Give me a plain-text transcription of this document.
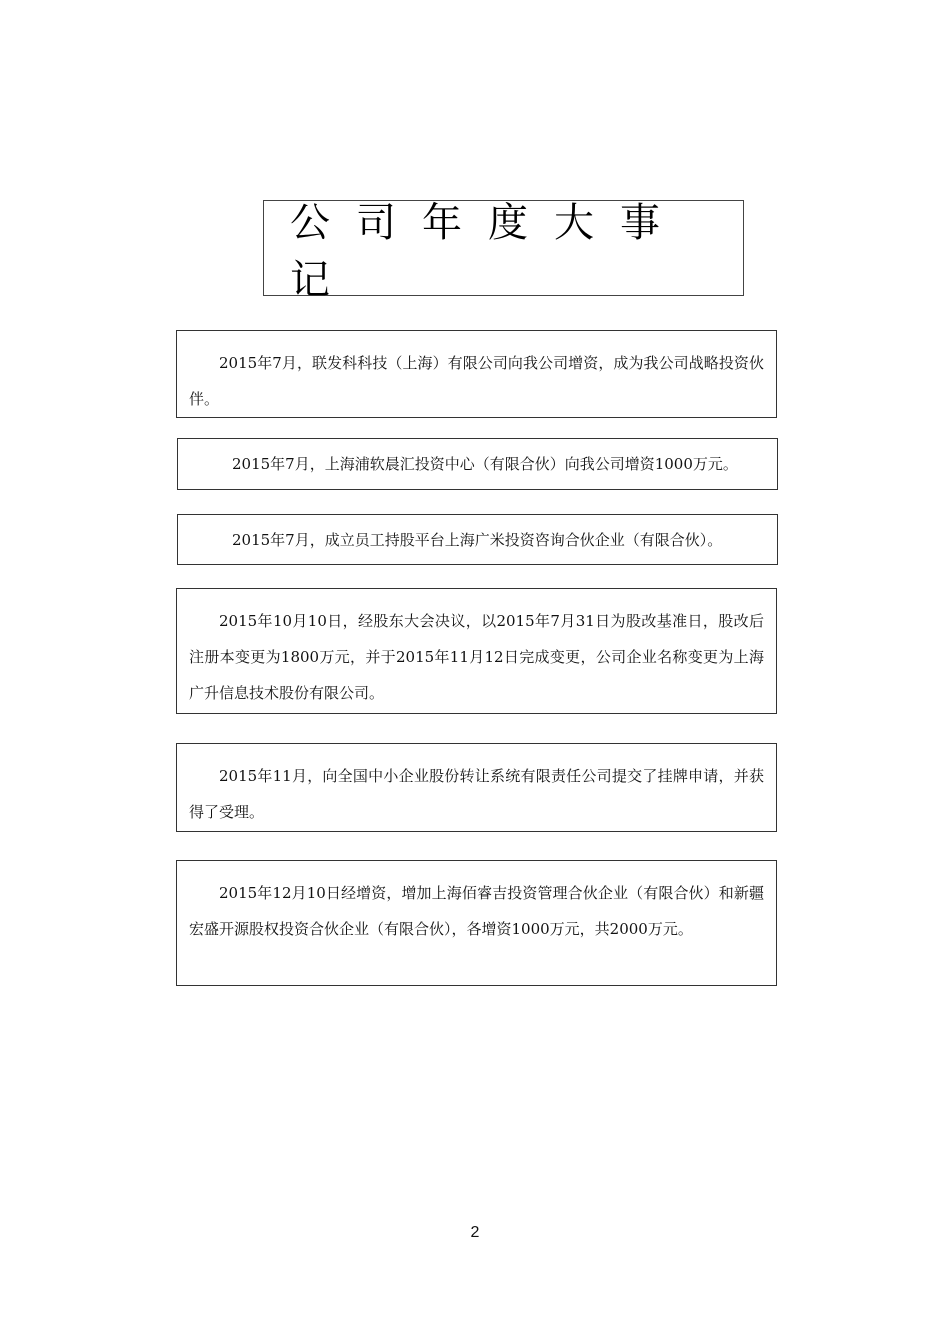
公司年度大事记

2015年7月，联发科科技（上海）有限公司向我公司增资，成为我公司战略投资伙伴。

2015年7月，上海浦软晨汇投资中心（有限合伙）向我公司增资1000万元。

2015年7月，成立员工持股平台上海广米投资咨询合伙企业（有限合伙）。

2015年10月10日，经股东大会决议，以2015年7月31日为股改基准日，股改后注册本变更为1800万元，并于2015年11月12日完成变更，公司企业名称变更为上海广升信息技术股份有限公司。

2015年11月，向全国中小企业股份转让系统有限责任公司提交了挂牌申请，并获得了受理。

2015年12月10日经增资，增加上海佰睿吉投资管理合伙企业（有限合伙）和新疆宏盛开源股权投资合伙企业（有限合伙），各增资1000万元，共2000万元。

2
